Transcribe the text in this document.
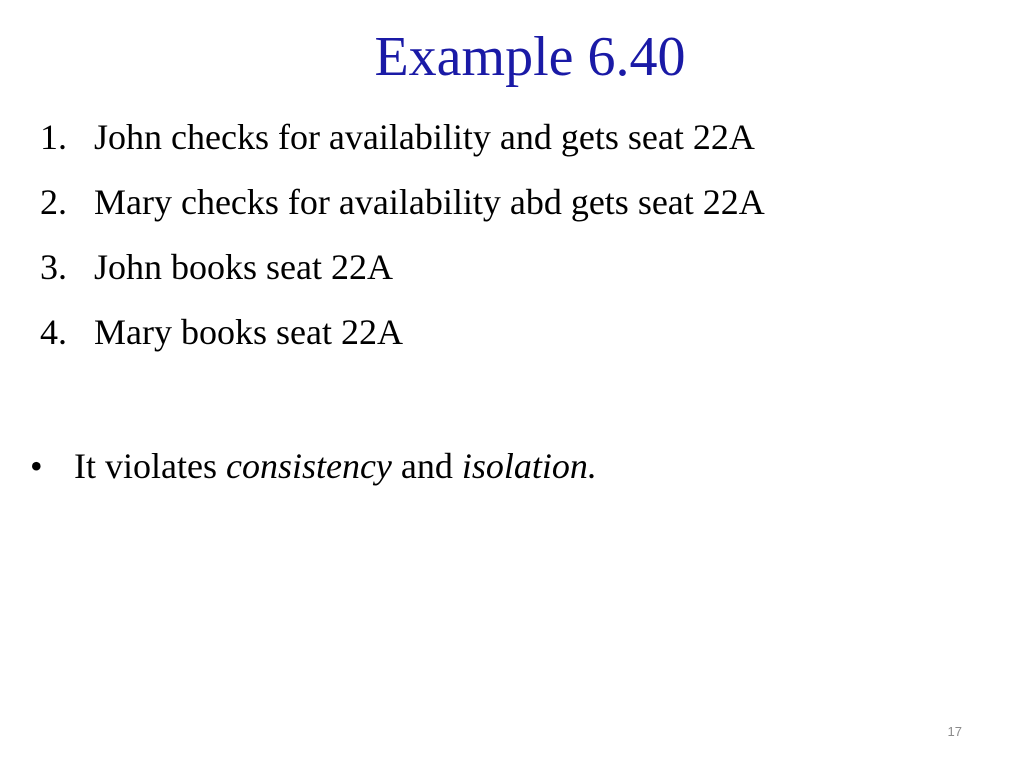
Example 6.40
1. John checks for availability and gets seat 22A
2. Mary checks for availability abd gets seat 22A
3. John books seat 22A
4. Mary books seat 22A
• It violates consistency and isolation.
17
